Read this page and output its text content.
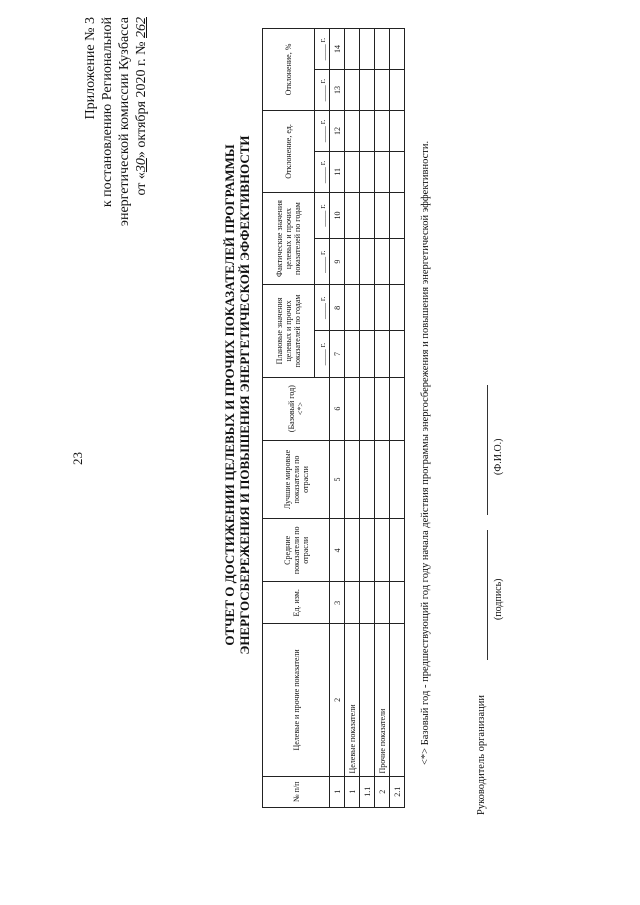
23
Приложение № 3 к постановлению Региональной энергетической комиссии Кузбасса от «30» октября 2020 г. № 262
ОТЧЕТ О ДОСТИЖЕНИИ ЦЕЛЕВЫХ И ПРОЧИХ ПОКАЗАТЕЛЕЙ ПРОГРАММЫ ЭНЕРГОСБЕРЕЖЕНИЯ И ПОВЫШЕНИЯ ЭНЕРГЕТИЧЕСКОЙ ЭФФЕКТИВНОСТИ
№ п/п	Целевые и прочие показатели	Ед. изм.	Средние показатели по отрасли	Лучшие мировые показатели по отрасли	(Базовый год) <*>	Плановые значения целевых и прочих показателей по годам		Фактические значения целевых и прочих показателей по годам		Отклонение, ед.		Отклонение, %	
						____ г.	____ г.	____ г.	____ г.	____ г.	____ г.	____ г.	____ г.
1	2	3	4	5	6	7	8	9	10	11	12	13	14
1	Целевые показатели												
1.1													
2	Прочие показатели												
2.1													
<*> Базовый год - предшествующий год году начала действия программы энергосбережения и повышения энергетической эффективности.	Руководитель организации
(подпись)
(Ф.И.О.)
